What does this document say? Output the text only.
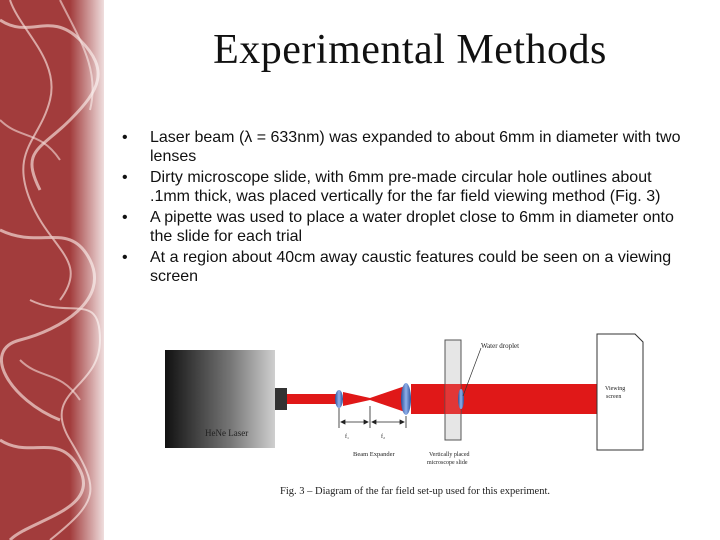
Experimental Methods
• Laser beam (λ = 633nm) was expanded to about 6mm in diameter with two lenses
• Dirty microscope slide, with 6mm pre-made circular hole outlines about .1mm thick, was placed vertically for the far field viewing method (Fig. 3)
• A pipette was used to place a water droplet close to 6mm in diameter onto the slide for each trial
• At a region about 40cm away caustic features could be seen on a viewing screen
HeNe Laser
Water droplet
Viewing
screen
f₁	f₂
Beam Expander	Vertically placed
microscope slide
Fig. 3 – Diagram of the far field set-up used for this experiment.
